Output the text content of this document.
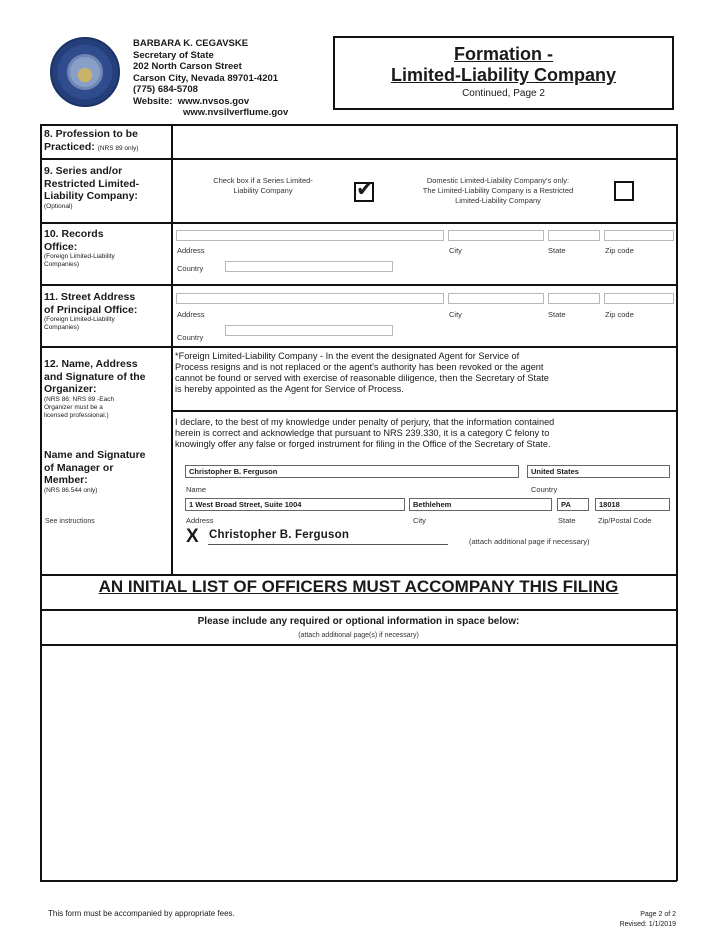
BARBARA K. CEGAVSKE
Secretary of State
202 North Carson Street
Carson City, Nevada 89701-4201
(775) 684-5708
Website: www.nvsos.gov
www.nvsilverflume.gov
Formation -
Limited-Liability Company
Continued, Page 2
8. Profession to be
Practiced: (NRS 89 only)
9. Series and/or
Restricted Limited-
Liability Company:
(Optional)
Check box if a Series Limited-
Liability Company	✔	Domestic Limited-Liability Company's only:
The Limited-Liability Company is a Restricted
Limited-Liability Company
10. Records
Office:
(Foreign Limited-Liability
Companies)
Address	City	State	Zip code
Country
11. Street Address
of Principal Office:
(Foreign Limited-Liability
Companies)
Address	City	State	Zip code
Country
12. Name, Address
and Signature of the
Organizer:
(NRS 86: NRS 89 -Each
Organizer must be a
licensed professional.)
Name and Signature
of Manager or
Member:
(NRS 86.544 only)
See instructions
*Foreign Limited-Liability Company - In the event the designated Agent for Service of
Process resigns and is not replaced or the agent's authority has been revoked or the agent
cannot be found or served with exercise of reasonable diligence, then the Secretary of State
is hereby appointed as the Agent for Service of Process.
I declare, to the best of my knowledge under penalty of perjury, that the information contained
herein is correct and acknowledge that pursuant to NRS 239.330, it is a category C felony to
knowingly offer any false or forged instrument for filing in the Office of the Secretary of State.
Christopher B. Ferguson	United States
Name	Country
1 West Broad Street, Suite 1004	Bethlehem	PA	18018
Address	City	State	Zip/Postal Code
X Christopher B. Ferguson
(attach additional page if necessary)
AN INITIAL LIST OF OFFICERS MUST ACCOMPANY THIS FILING
Please include any required or optional information in space below:
(attach additional page(s) if necessary)
This form must be accompanied by appropriate fees.	Page 2 of 2
Revised: 1/1/2019
